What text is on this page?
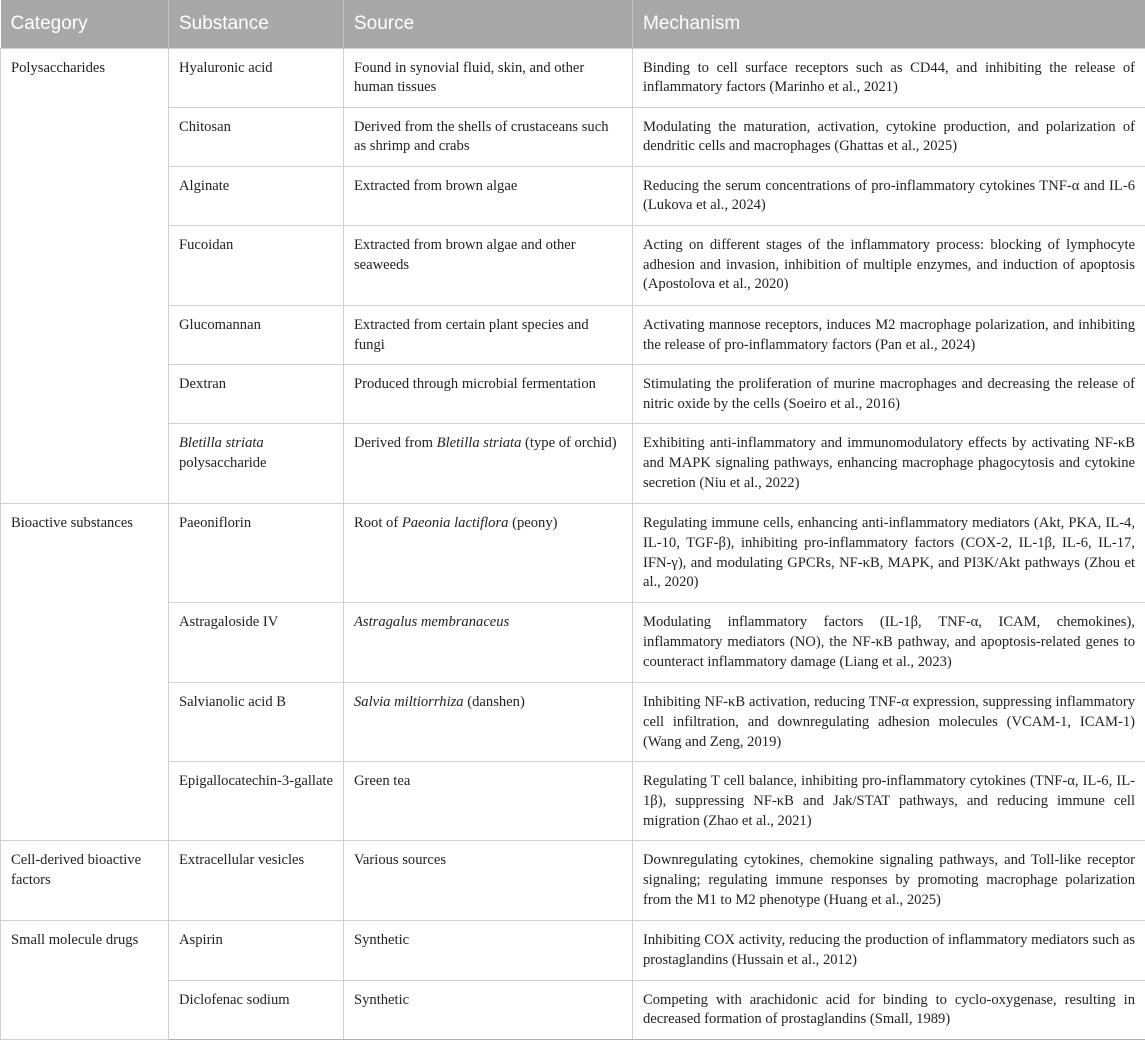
Category	Substance	Source	Mechanism
Polysaccharides	Hyaluronic acid	Found in synovial fluid, skin, and other human tissues	Binding to cell surface receptors such as CD44, and inhibiting the release of inflammatory factors (Marinho et al., 2021)
	Chitosan	Derived from the shells of crustaceans such as shrimp and crabs	Modulating the maturation, activation, cytokine production, and polarization of dendritic cells and macrophages (Ghattas et al., 2025)
	Alginate	Extracted from brown algae	Reducing the serum concentrations of pro-inflammatory cytokines TNF-α and IL-6 (Lukova et al., 2024)
	Fucoidan	Extracted from brown algae and other seaweeds	Acting on different stages of the inflammatory process: blocking of lymphocyte adhesion and invasion, inhibition of multiple enzymes, and induction of apoptosis (Apostolova et al., 2020)
	Glucomannan	Extracted from certain plant species and fungi	Activating mannose receptors, induces M2 macrophage polarization, and inhibiting the release of pro-inflammatory factors (Pan et al., 2024)
	Dextran	Produced through microbial fermentation	Stimulating the proliferation of murine macrophages and decreasing the release of nitric oxide by the cells (Soeiro et al., 2016)
	Bletilla striata polysaccharide	Derived from Bletilla striata (type of orchid)	Exhibiting anti-inflammatory and immunomodulatory effects by activating NF-κB and MAPK signaling pathways, enhancing macrophage phagocytosis and cytokine secretion (Niu et al., 2022)
Bioactive substances	Paeoniflorin	Root of Paeonia lactiflora (peony)	Regulating immune cells, enhancing anti-inflammatory mediators (Akt, PKA, IL-4, IL-10, TGF-β), inhibiting pro-inflammatory factors (COX-2, IL-1β, IL-6, IL-17, IFN-γ), and modulating GPCRs, NF-κB, MAPK, and PI3K/Akt pathways (Zhou et al., 2020)
	Astragaloside IV	Astragalus membranaceus	Modulating inflammatory factors (IL-1β, TNF-α, ICAM, chemokines), inflammatory mediators (NO), the NF-κB pathway, and apoptosis-related genes to counteract inflammatory damage (Liang et al., 2023)
	Salvianolic acid B	Salvia miltiorrhiza (danshen)	Inhibiting NF-κB activation, reducing TNF-α expression, suppressing inflammatory cell infiltration, and downregulating adhesion molecules (VCAM-1, ICAM-1) (Wang and Zeng, 2019)
	Epigallocatechin-3-gallate	Green tea	Regulating T cell balance, inhibiting pro-inflammatory cytokines (TNF-α, IL-6, IL-1β), suppressing NF-κB and Jak/STAT pathways, and reducing immune cell migration (Zhao et al., 2021)
Cell-derived bioactive factors	Extracellular vesicles	Various sources	Downregulating cytokines, chemokine signaling pathways, and Toll-like receptor signaling; regulating immune responses by promoting macrophage polarization from the M1 to M2 phenotype (Huang et al., 2025)
Small molecule drugs	Aspirin	Synthetic	Inhibiting COX activity, reducing the production of inflammatory mediators such as prostaglandins (Hussain et al., 2012)
	Diclofenac sodium	Synthetic	Competing with arachidonic acid for binding to cyclo-oxygenase, resulting in decreased formation of prostaglandins (Small, 1989)
